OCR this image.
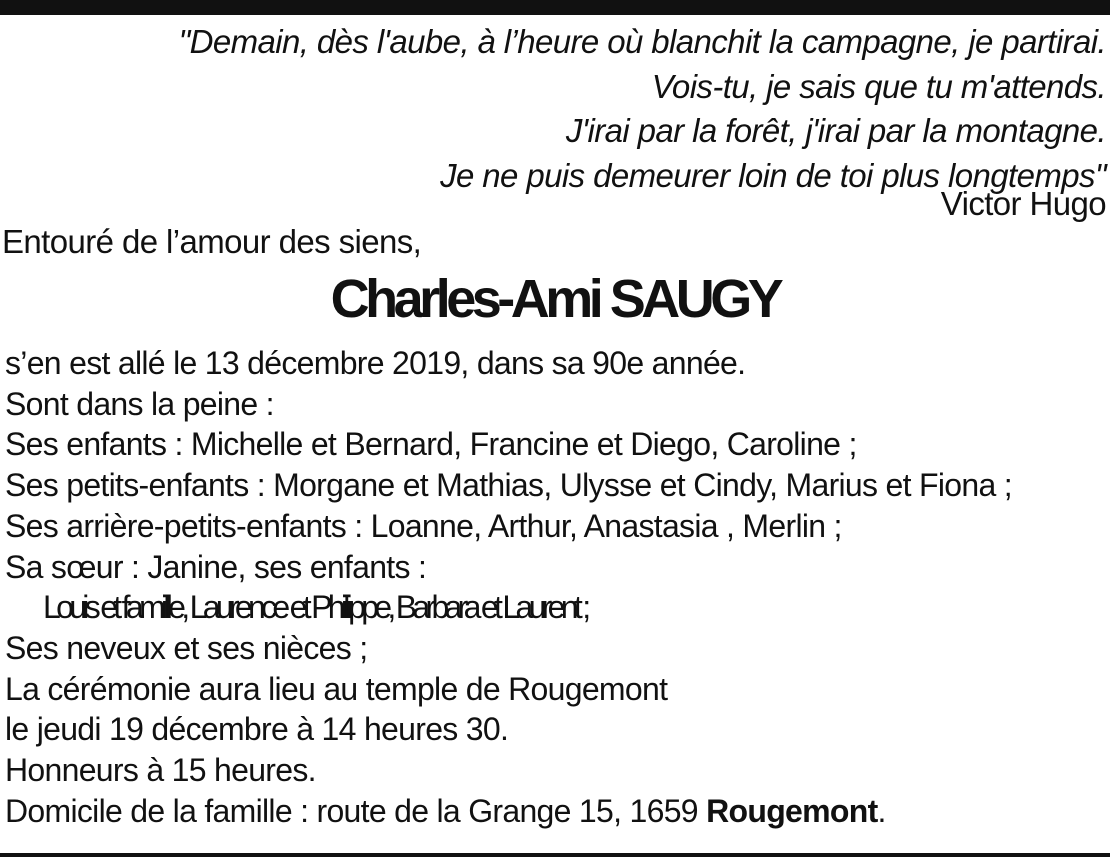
"Demain, dès l'aube, à l’heure où blanchit la campagne, je partirai.
Vois-tu, je sais que tu m'attends.
J'irai par la forêt, j'irai par la montagne.
Je ne puis demeurer loin de toi plus longtemps"
Victor Hugo
Entouré de l’amour des siens,
Charles-Ami SAUGY
s’en est allé le 13 décembre 2019, dans sa 90e année.
Sont dans la peine :
Ses enfants : Michelle et Bernard, Francine et Diego, Caroline ;
Ses petits-enfants : Morgane et Mathias, Ulysse et Cindy, Marius et Fiona ;
Ses arrière-petits-enfants : Loanne, Arthur, Anastasia , Merlin ;
Sa sœur : Janine, ses enfants :
Louis et famille, Laurence et Philippe, Barbara et Laurent ;
Ses neveux et ses nièces ;
La cérémonie aura lieu au temple de Rougemont
le jeudi 19 décembre à 14 heures 30.
Honneurs à 15 heures.
Domicile de la famille : route de la Grange 15, 1659 Rougemont.
